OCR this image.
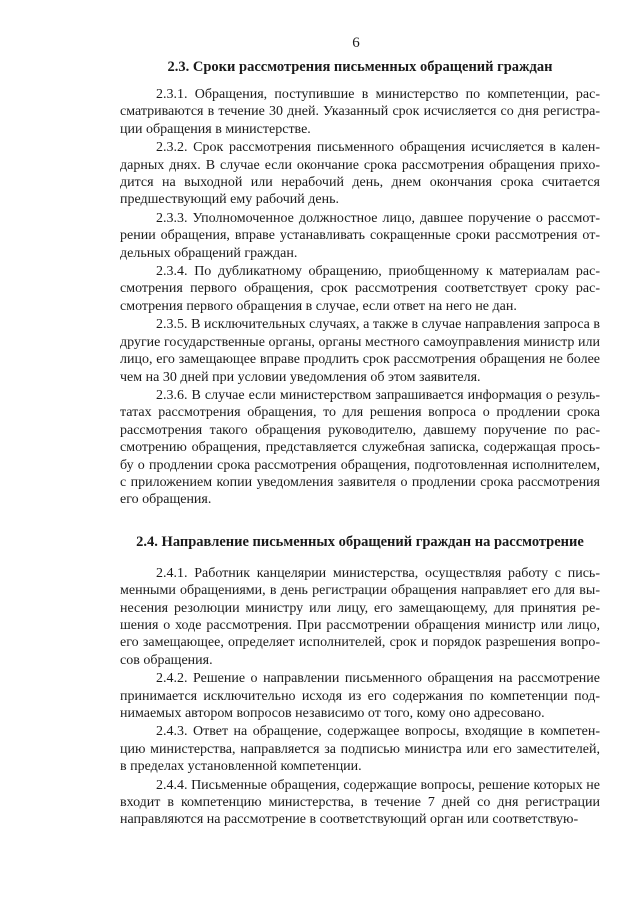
6
2.3. Сроки рассмотрения письменных обращений граждан

2.3.1. Обращения, поступившие в министерство по компетенции, рассматриваются в течение 30 дней. Указанный срок исчисляется со дня регистрации обращения в министерстве.

2.3.2. Срок рассмотрения письменного обращения исчисляется в календарных днях. В случае если окончание срока рассмотрения обращения приходится на выходной или нерабочий день, днем окончания срока считается предшествующий ему рабочий день.

2.3.3. Уполномоченное должностное лицо, давшее поручение о рассмотрении обращения, вправе устанавливать сокращенные сроки рассмотрения отдельных обращений граждан.

2.3.4. По дубликатному обращению, приобщенному к материалам рассмотрения первого обращения, срок рассмотрения соответствует сроку рассмотрения первого обращения в случае, если ответ на него не дан.

2.3.5. В исключительных случаях, а также в случае направления запроса в другие государственные органы, органы местного самоуправления министр или лицо, его замещающее вправе продлить срок рассмотрения обращения не более чем на 30 дней при условии уведомления об этом заявителя.

2.3.6. В случае если министерством запрашивается информация о результатах рассмотрения обращения, то для решения вопроса о продлении срока рассмотрения такого обращения руководителю, давшему поручение по рассмотрению обращения, представляется служебная записка, содержащая просьбу о продлении срока рассмотрения обращения, подготовленная исполнителем, с приложением копии уведомления заявителя о продлении срока рассмотрения его обращения.

2.4. Направление письменных обращений граждан на рассмотрение

2.4.1. Работник канцелярии министерства, осуществляя работу с письменными обращениями, в день регистрации обращения направляет его для вынесения резолюции министру или лицу, его замещающему, для принятия решения о ходе рассмотрения. При рассмотрении обращения министр или лицо, его замещающее, определяет исполнителей, срок и порядок разрешения вопросов обращения.

2.4.2. Решение о направлении письменного обращения на рассмотрение принимается исключительно исходя из его содержания по компетенции поднимаемых автором вопросов независимо от того, кому оно адресовано.

2.4.3. Ответ на обращение, содержащее вопросы, входящие в компетенцию министерства, направляется за подписью министра или его заместителей, в пределах установленной компетенции.

2.4.4. Письменные обращения, содержащие вопросы, решение которых не входит в компетенцию министерства, в течение 7 дней со дня регистрации направляются на рассмотрение в соответствующий орган или соответствую-
